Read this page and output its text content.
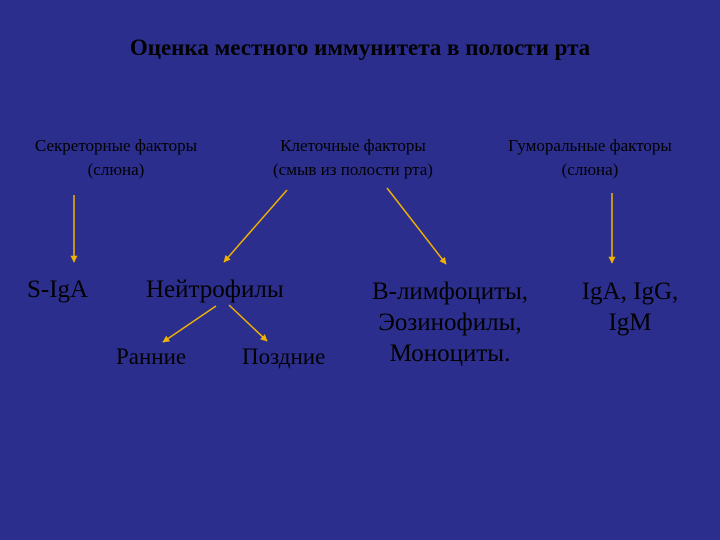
Оценка местного иммунитета в полости рта
Секреторные факторы
(слюна)
Клеточные факторы
(смыв из полости рта)
Гуморальные факторы
(слюна)
S-IgA Нейтрофилы
Ранние Поздние
В-лимфоциты,
Эозинофилы,
Моноциты.
IgA, IgG,
IgM
